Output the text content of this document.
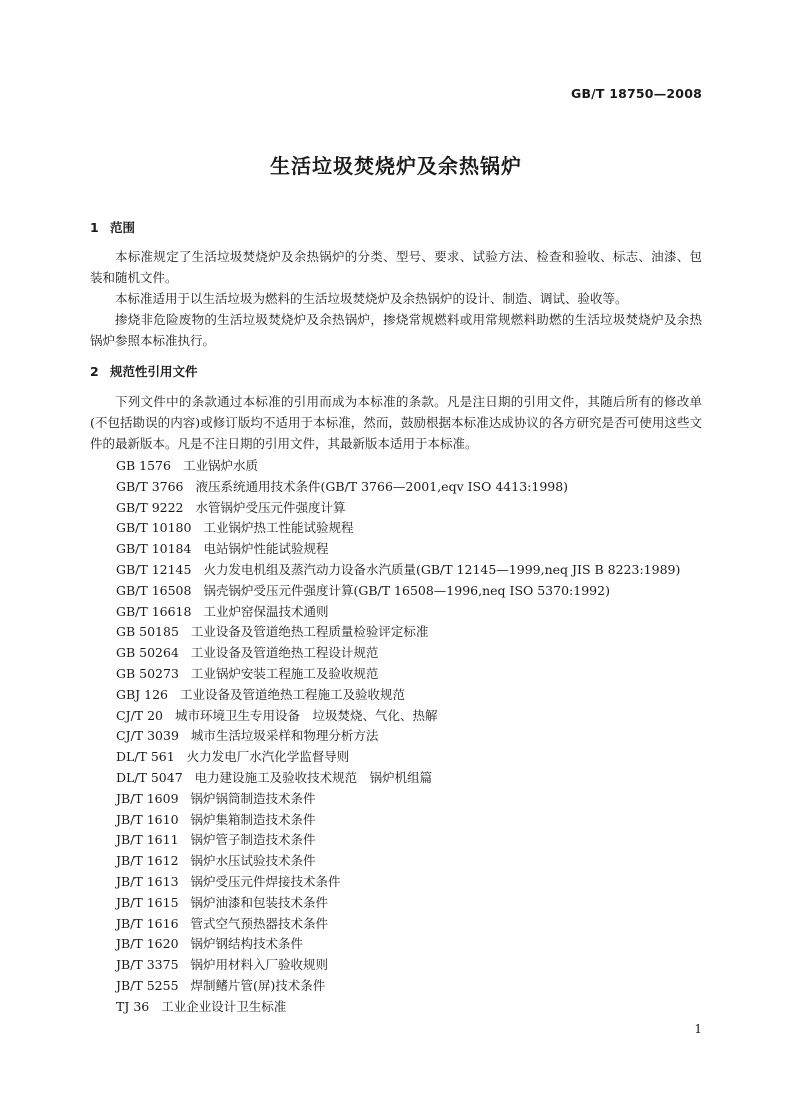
GB/T 18750—2008
生活垃圾焚烧炉及余热锅炉
1 范围

本标准规定了生活垃圾焚烧炉及余热锅炉的分类、型号、要求、试验方法、检查和验收、标志、油漆、包装和随机文件。

本标准适用于以生活垃圾为燃料的生活垃圾焚烧炉及余热锅炉的设计、制造、调试、验收等。

掺烧非危险废物的生活垃圾焚烧炉及余热锅炉，掺烧常规燃料或用常规燃料助燃的生活垃圾焚烧炉及余热锅炉参照本标准执行。

2 规范性引用文件

下列文件中的条款通过本标准的引用而成为本标准的条款。凡是注日期的引用文件，其随后所有的修改单(不包括勘误的内容)或修订版均不适用于本标准，然而，鼓励根据本标准达成协议的各方研究是否可使用这些文件的最新版本。凡是不注日期的引用文件，其最新版本适用于本标准。

GB 1576 工业锅炉水质
GB/T 3766 液压系统通用技术条件(GB/T 3766—2001,eqv ISO 4413:1998)
GB/T 9222 水管锅炉受压元件强度计算
GB/T 10180 工业锅炉热工性能试验规程
GB/T 10184 电站锅炉性能试验规程
GB/T 12145 火力发电机组及蒸汽动力设备水汽质量(GB/T 12145—1999,neq JIS B 8223:1989)
GB/T 16508 锅壳锅炉受压元件强度计算(GB/T 16508—1996,neq ISO 5370:1992)
GB/T 16618 工业炉窑保温技术通则
GB 50185 工业设备及管道绝热工程质量检验评定标准
GB 50264 工业设备及管道绝热工程设计规范
GB 50273 工业锅炉安装工程施工及验收规范
GBJ 126 工业设备及管道绝热工程施工及验收规范
CJ/T 20 城市环境卫生专用设备　垃圾焚烧、气化、热解
CJ/T 3039 城市生活垃圾采样和物理分析方法
DL/T 561 火力发电厂水汽化学监督导则
DL/T 5047 电力建设施工及验收技术规范　锅炉机组篇
JB/T 1609 锅炉锅筒制造技术条件
JB/T 1610 锅炉集箱制造技术条件
JB/T 1611 锅炉管子制造技术条件
JB/T 1612 锅炉水压试验技术条件
JB/T 1613 锅炉受压元件焊接技术条件
JB/T 1615 锅炉油漆和包装技术条件
JB/T 1616 管式空气预热器技术条件
JB/T 1620 锅炉钢结构技术条件
JB/T 3375 锅炉用材料入厂验收规则
JB/T 5255 焊制鳍片管(屏)技术条件
TJ 36 工业企业设计卫生标准
1
